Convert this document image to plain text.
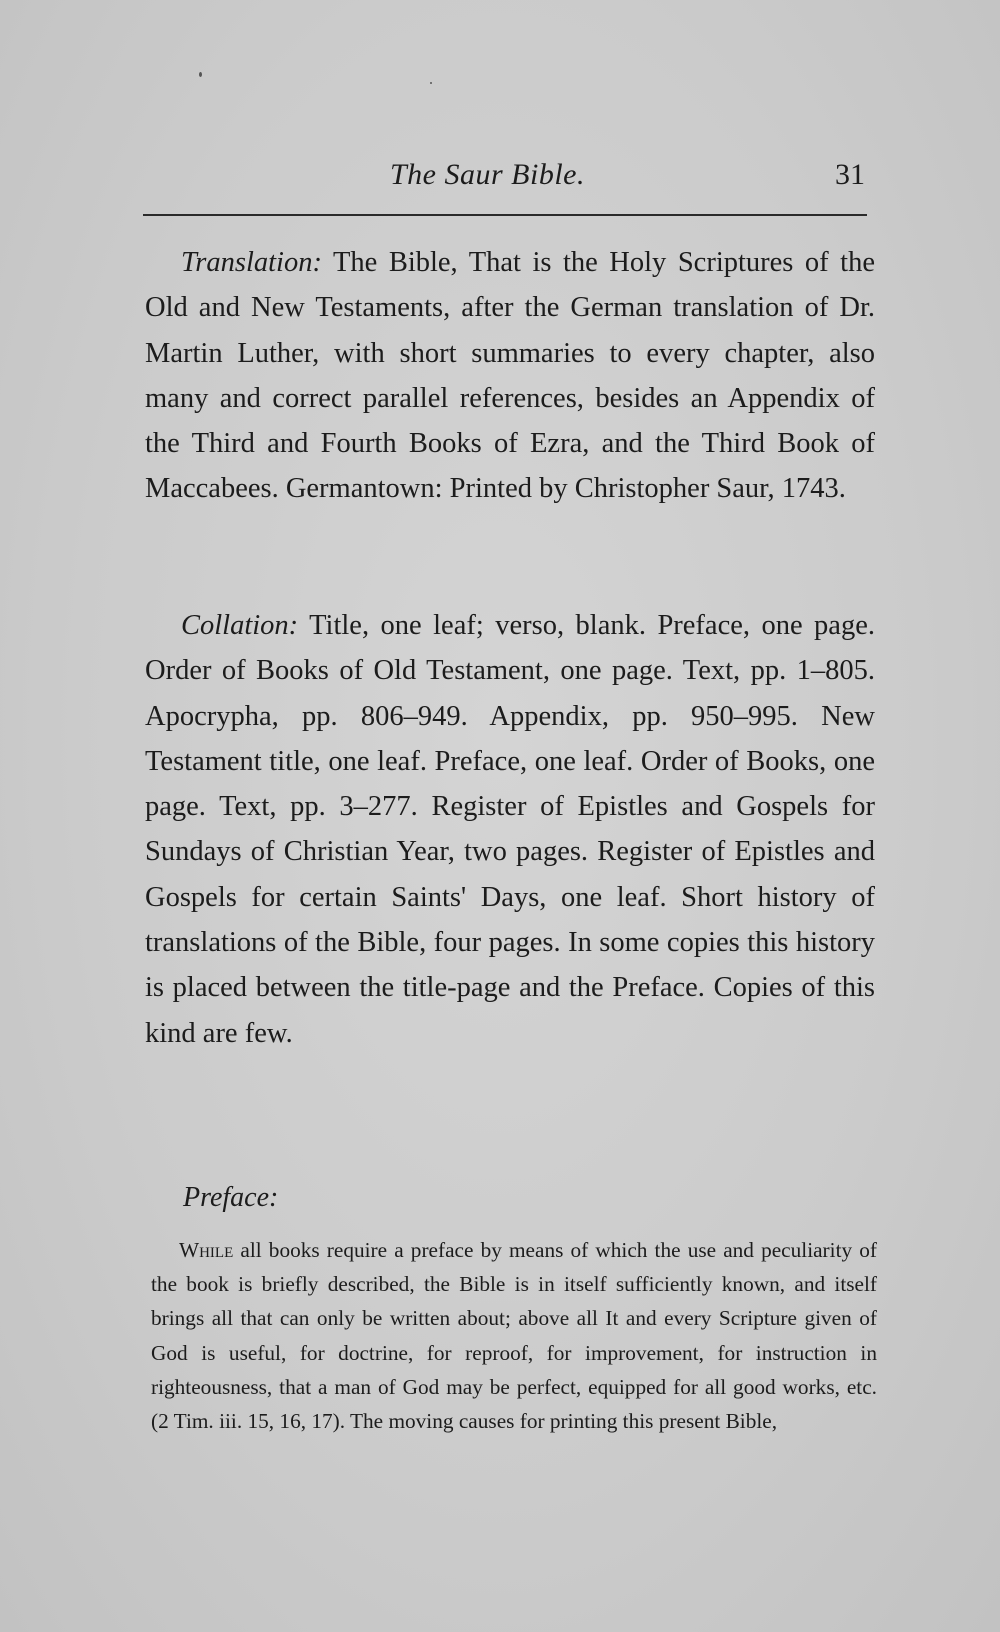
The Saur Bible.	31

Translation: The Bible, That is the Holy Scriptures of the Old and New Testaments, after the German translation of Dr. Martin Luther, with short summaries to every chapter, also many and correct parallel references, besides an Appendix of the Third and Fourth Books of Ezra, and the Third Book of Maccabees. Germantown: Printed by Christopher Saur, 1743.

Collation: Title, one leaf; verso, blank. Preface, one page. Order of Books of Old Testament, one page. Text, pp. 1–805. Apocrypha, pp. 806–949. Appendix, pp. 950–995. New Testament title, one leaf. Preface, one leaf. Order of Books, one page. Text, pp. 3–277. Register of Epistles and Gospels for Sundays of Christian Year, two pages. Register of Epistles and Gospels for certain Saints' Days, one leaf. Short history of translations of the Bible, four pages. In some copies this history is placed between the title-page and the Preface. Copies of this kind are few.

Preface:

While all books require a preface by means of which the use and peculiarity of the book is briefly described, the Bible is in itself sufficiently known, and itself brings all that can only be written about; above all It and every Scripture given of God is useful, for doctrine, for reproof, for improvement, for instruction in righteousness, that a man of God may be perfect, equipped for all good works, etc. (2 Tim. iii. 15, 16, 17). The moving causes for printing this present Bible,
